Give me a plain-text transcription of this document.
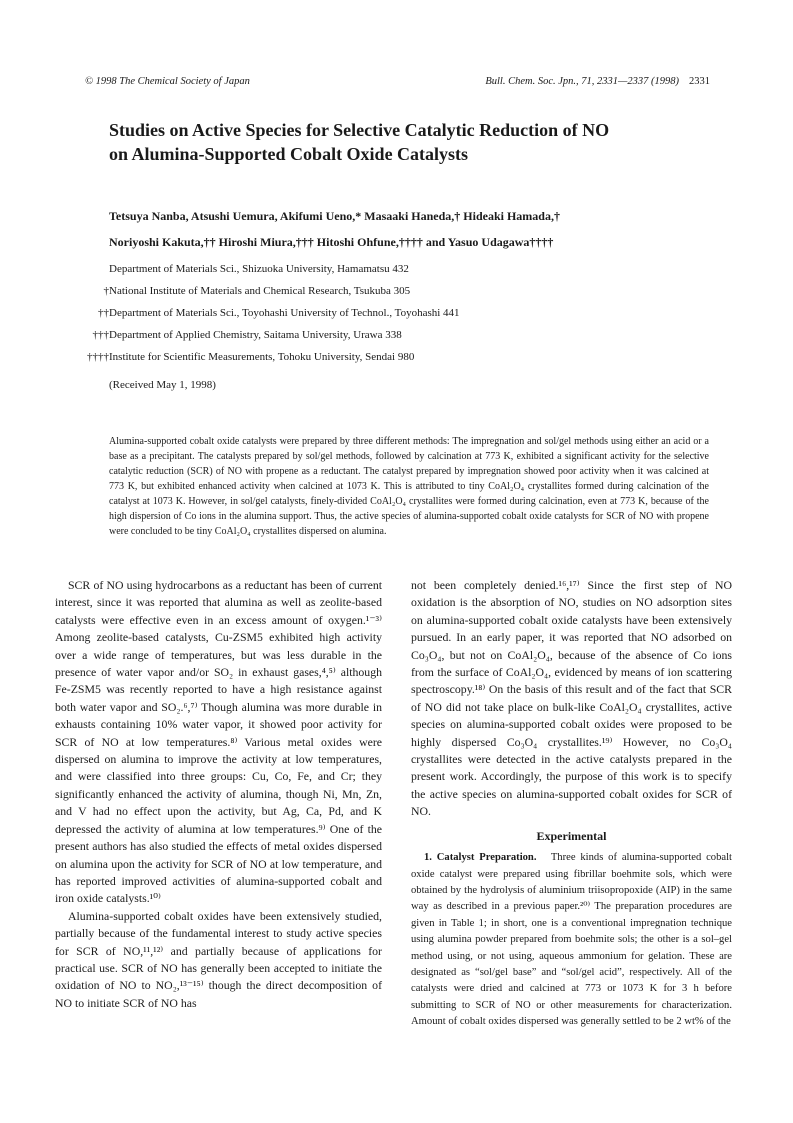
© 1998 The Chemical Society of Japan	Bull. Chem. Soc. Jpn., 71, 2331—2337 (1998) 2331
Studies on Active Species for Selective Catalytic Reduction of NO
on Alumina-Supported Cobalt Oxide Catalysts
Tetsuya Nanba, Atsushi Uemura, Akifumi Ueno,* Masaaki Haneda,† Hideaki Hamada,†
Noriyoshi Kakuta,†† Hiroshi Miura,††† Hitoshi Ohfune,†††† and Yasuo Udagawa††††
Department of Materials Sci., Shizuoka University, Hamamatsu 432
†National Institute of Materials and Chemical Research, Tsukuba 305
††Department of Materials Sci., Toyohashi University of Technol., Toyohashi 441
†††Department of Applied Chemistry, Saitama University, Urawa 338
††††Institute for Scientific Measurements, Tohoku University, Sendai 980
(Received May 1, 1998)

Alumina-supported cobalt oxide catalysts were prepared by three different methods: The impregnation and sol/gel methods using either an acid or a base as a precipitant. The catalysts prepared by sol/gel methods, followed by calcination at 773 K, exhibited a significant activity for the selective catalytic reduction (SCR) of NO with propene as a reductant. The catalyst prepared by impregnation showed poor activity when it was calcined at 773 K, but exhibited enhanced activity when calcined at 1073 K. This is attributed to tiny CoAl₂O₄ crystallites formed during calcination of the catalyst at 1073 K. However, in sol/gel catalysts, finely-divided CoAl₂O₄ crystallites were formed during calcination, even at 773 K, because of the high dispersion of Co ions in the alumina support. Thus, the active species of alumina-supported cobalt oxide catalysts for SCR of NO with propene were concluded to be tiny CoAl₂O₄ crystallites dispersed on alumina.

SCR of NO using hydrocarbons as a reductant has been of current interest, since it was reported that alumina as well as zeolite-based catalysts were effective even in an excess amount of oxygen.¹⁻³⁾ Among zeolite-based catalysts, Cu-ZSM5 exhibited high activity over a wide range of temperatures, but was less durable in the presence of water vapor and/or SO₂ in exhaust gases,⁴,⁵⁾ although Fe-ZSM5 was recently reported to have a high resistance against both water vapor and SO₂.⁶,⁷⁾ Though alumina was more durable in exhausts containing 10% water vapor, it showed poor activity for SCR of NO at low temperatures.⁸⁾ Various metal oxides were dispersed on alumina to improve the activity at low temperatures, and were classified into three groups: Cu, Co, Fe, and Cr; they significantly enhanced the activity of alumina, though Ni, Mn, Zn, and V had no effect upon the activity, but Ag, Ca, Pd, and K depressed the activity of alumina at low temperatures.⁹⁾ One of the present authors has also studied the effects of metal oxides dispersed on alumina upon the activity for SCR of NO at low temperature, and has reported improved activities of alumina-supported cobalt and iron oxide catalysts.¹⁰⁾

Alumina-supported cobalt oxides have been extensively studied, partially because of the fundamental interest to study active species for SCR of NO,¹¹,¹²⁾ and partially because of applications for practical use. SCR of NO has generally been accepted to initiate the oxidation of NO to NO₂,¹³⁻¹⁵⁾ though the direct decomposition of NO to initiate SCR of NO has

not been completely denied.¹⁶,¹⁷⁾ Since the first step of NO oxidation is the absorption of NO, studies on NO adsorption sites on alumina-supported cobalt oxide catalysts have been extensively pursued. In an early paper, it was reported that NO adsorbed on Co₃O₄, but not on CoAl₂O₄, because of the absence of Co ions from the surface of CoAl₂O₄, evidenced by means of ion scattering spectroscopy.¹⁸⁾ On the basis of this result and of the fact that SCR of NO did not take place on bulk-like CoAl₂O₄ crystallites, active species on alumina-supported cobalt oxides were proposed to be highly dispersed Co₃O₄ crystallites.¹⁹⁾ However, no Co₃O₄ crystallites were detected in the active catalysts prepared in the present work. Accordingly, the purpose of this work is to specify the active species on alumina-supported cobalt oxides for SCR of NO.

Experimental

1. Catalyst Preparation. Three kinds of alumina-supported cobalt oxide catalyst were prepared using fibrillar boehmite sols, which were obtained by the hydrolysis of aluminium triisopropoxide (AIP) in the same way as described in a previous paper.²⁰⁾ The preparation procedures are given in Table 1; in short, one is a conventional impregnation technique using alumina powder prepared from boehmite sols; the other is a sol–gel method using, or not using, aqueous ammonium for gelation. These are designated as “sol/gel base” and “sol/gel acid”, respectively. All of the catalysts were dried and calcined at 773 or 1073 K for 3 h before submitting to SCR of NO or other measurements for characterization. Amount of cobalt oxides dispersed was generally settled to be 2 wt% of the
